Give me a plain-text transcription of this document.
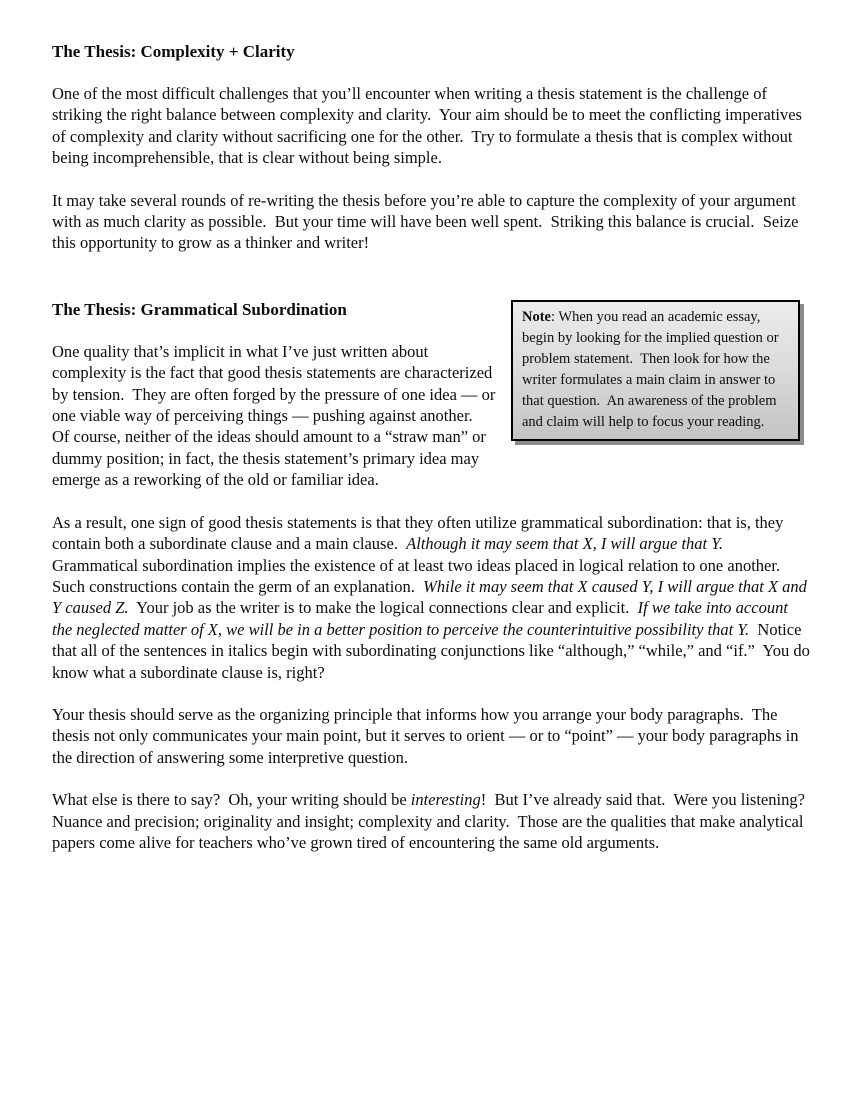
The Thesis: Complexity + Clarity

One of the most difficult challenges that you’ll encounter when writing a thesis statement is the challenge of striking the right balance between complexity and clarity.  Your aim should be to meet the conflicting imperatives of complexity and clarity without sacrificing one for the other.  Try to formulate a thesis that is complex without being incomprehensible, that is clear without being simple.

It may take several rounds of re-writing the thesis before you’re able to capture the complexity of your argument with as much clarity as possible.  But your time will have been well spent.  Striking this balance is crucial.  Seize this opportunity to grow as a thinker and writer!

Note: When you read an academic essay, begin by looking for the implied question or problem statement.  Then look for how the writer formulates a main claim in answer to that question.  An awareness of the problem and claim will help to focus your reading.
The Thesis: Grammatical Subordination

One quality that’s implicit in what I’ve just written about complexity is the fact that good thesis statements are characterized by tension.  They are often forged by the pressure of one idea — or one viable way of perceiving things — pushing against another.  Of course, neither of the ideas should amount to a “straw man” or dummy position; in fact, the thesis statement’s primary idea may emerge as a reworking of the old or familiar idea.

As a result, one sign of good thesis statements is that they often utilize grammatical subordination: that is, they contain both a subordinate clause and a main clause.  Although it may seem that X, I will argue that Y.  Grammatical subordination implies the existence of at least two ideas placed in logical relation to one another.  Such constructions contain the germ of an explanation.  While it may seem that X caused Y, I will argue that X and Y caused Z.  Your job as the writer is to make the logical connections clear and explicit.  If we take into account the neglected matter of X, we will be in a better position to perceive the counterintuitive possibility that Y.  Notice that all of the sentences in italics begin with subordinating conjunctions like “although,” “while,” and “if.”  You do know what a subordinate clause is, right?

Your thesis should serve as the organizing principle that informs how you arrange your body paragraphs.  The thesis not only communicates your main point, but it serves to orient — or to “point” — your body paragraphs in the direction of answering some interpretive question.

What else is there to say?  Oh, your writing should be interesting!  But I’ve already said that.  Were you listening?  Nuance and precision; originality and insight; complexity and clarity.  Those are the qualities that make analytical papers come alive for teachers who’ve grown tired of encountering the same old arguments.
